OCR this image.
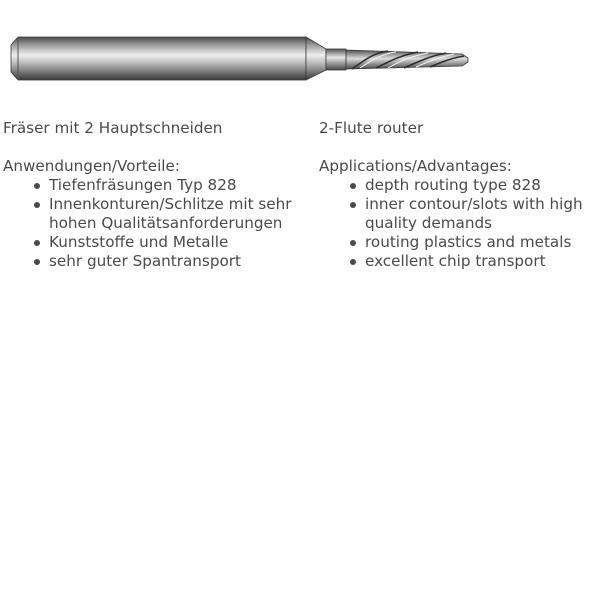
Fräser mit 2 Hauptschneiden

Anwendungen/Vorteile:

Tiefenfräsungen Typ 828
Innenkonturen/Schlitze mit sehr hohen Qualitätsanforderungen
Kunststoffe und Metalle
sehr guter Spantransport

2-Flute router

Applications/Advantages:

depth routing type 828
inner contour/slots with high quality demands
routing plastics and metals
excellent chip transport
